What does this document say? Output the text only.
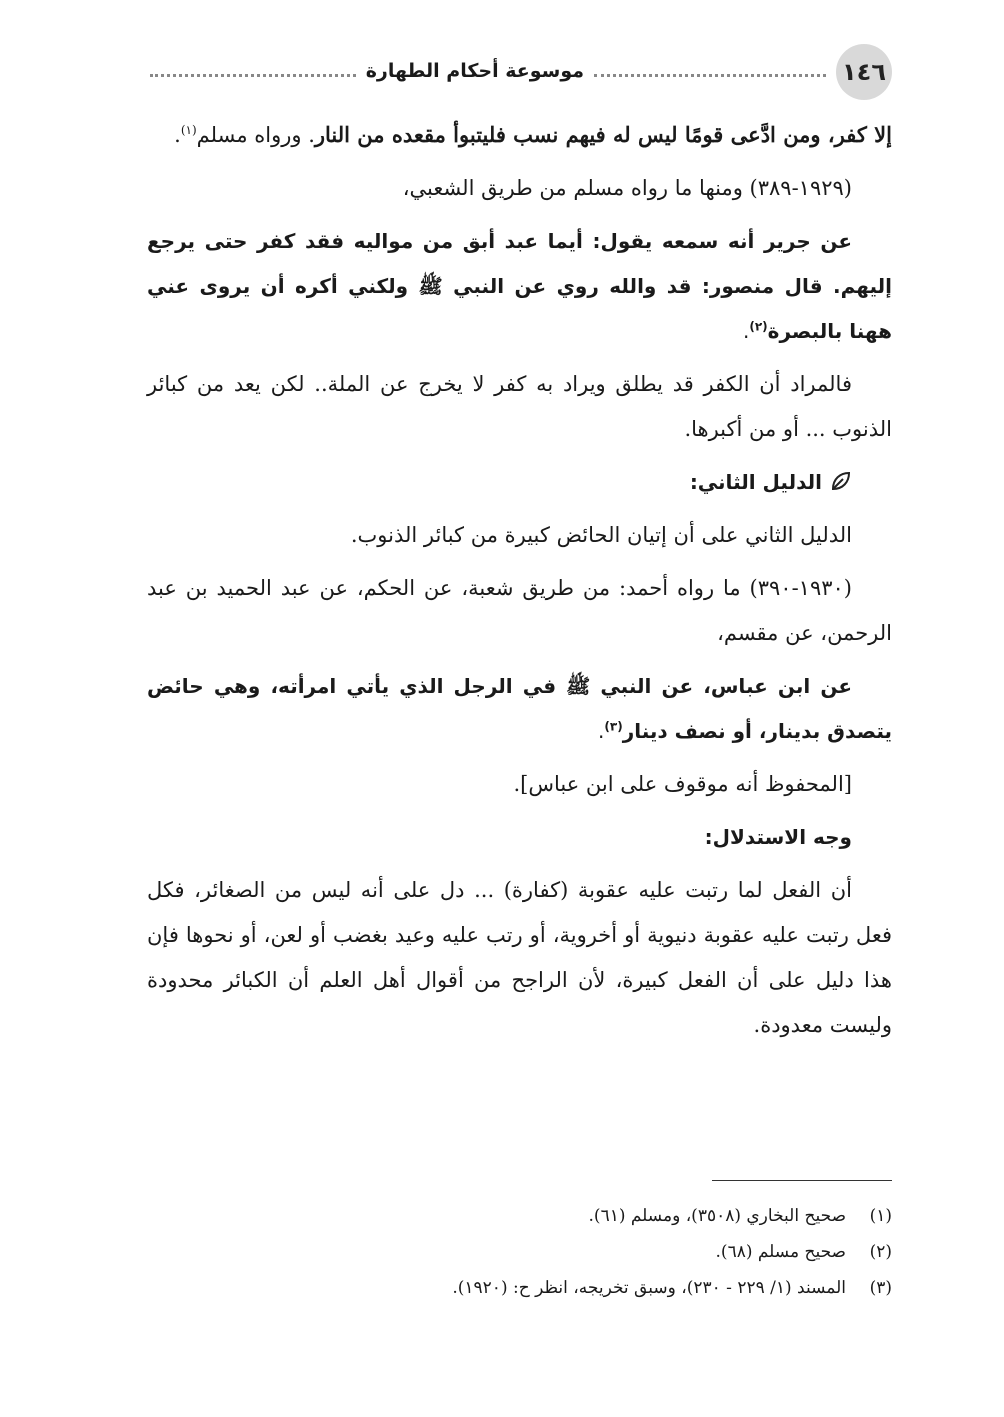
١٤٦
موسوعة أحكام الطهارة

إلا كفر، ومن ادَّعى قومًا ليس له فيهم نسب فليتبوأ مقعده من النار. ورواه مسلم$^{(١)}$.

(١٩٢٩-٣٨٩) ومنها ما رواه مسلم من طريق الشعبي،

عن جرير أنه سمعه يقول: أيما عبد أبق من مواليه فقد كفر حتى يرجع إليهم. قال منصور: قد والله روي عن النبي ﷺ ولكني أكره أن يروى عني ههنا بالبصرة$^{(٢)}$.

فالمراد أن الكفر قد يطلق ويراد به كفر لا يخرج عن الملة.. لكن يعد من كبائر الذنوب ... أو من أكبرها.

الدليل الثاني:

الدليل الثاني على أن إتيان الحائض كبيرة من كبائر الذنوب.

(١٩٣٠-٣٩٠) ما رواه أحمد: من طريق شعبة، عن الحكم، عن عبد الحميد بن عبد الرحمن، عن مقسم،

عن ابن عباس، عن النبي ﷺ في الرجل الذي يأتي امرأته، وهي حائض يتصدق بدينار، أو نصف دينار$^{(٣)}$.

[المحفوظ أنه موقوف على ابن عباس].

وجه الاستدلال:

أن الفعل لما رتبت عليه عقوبة (كفارة) ... دل على أنه ليس من الصغائر، فكل فعل رتبت عليه عقوبة دنيوية أو أخروية، أو رتب عليه وعيد بغضب أو لعن، أو نحوها فإن هذا دليل على أن الفعل كبيرة، لأن الراجح من أقوال أهل العلم أن الكبائر محدودة وليست معدودة.

(١)صحيح البخاري (٣٥٠٨)، ومسلم (٦١).
(٢)صحيح مسلم (٦٨).
(٣)المسند (١/ ٢٢٩ - ٢٣٠)، وسبق تخريجه، انظر ح: (١٩٢٠).
